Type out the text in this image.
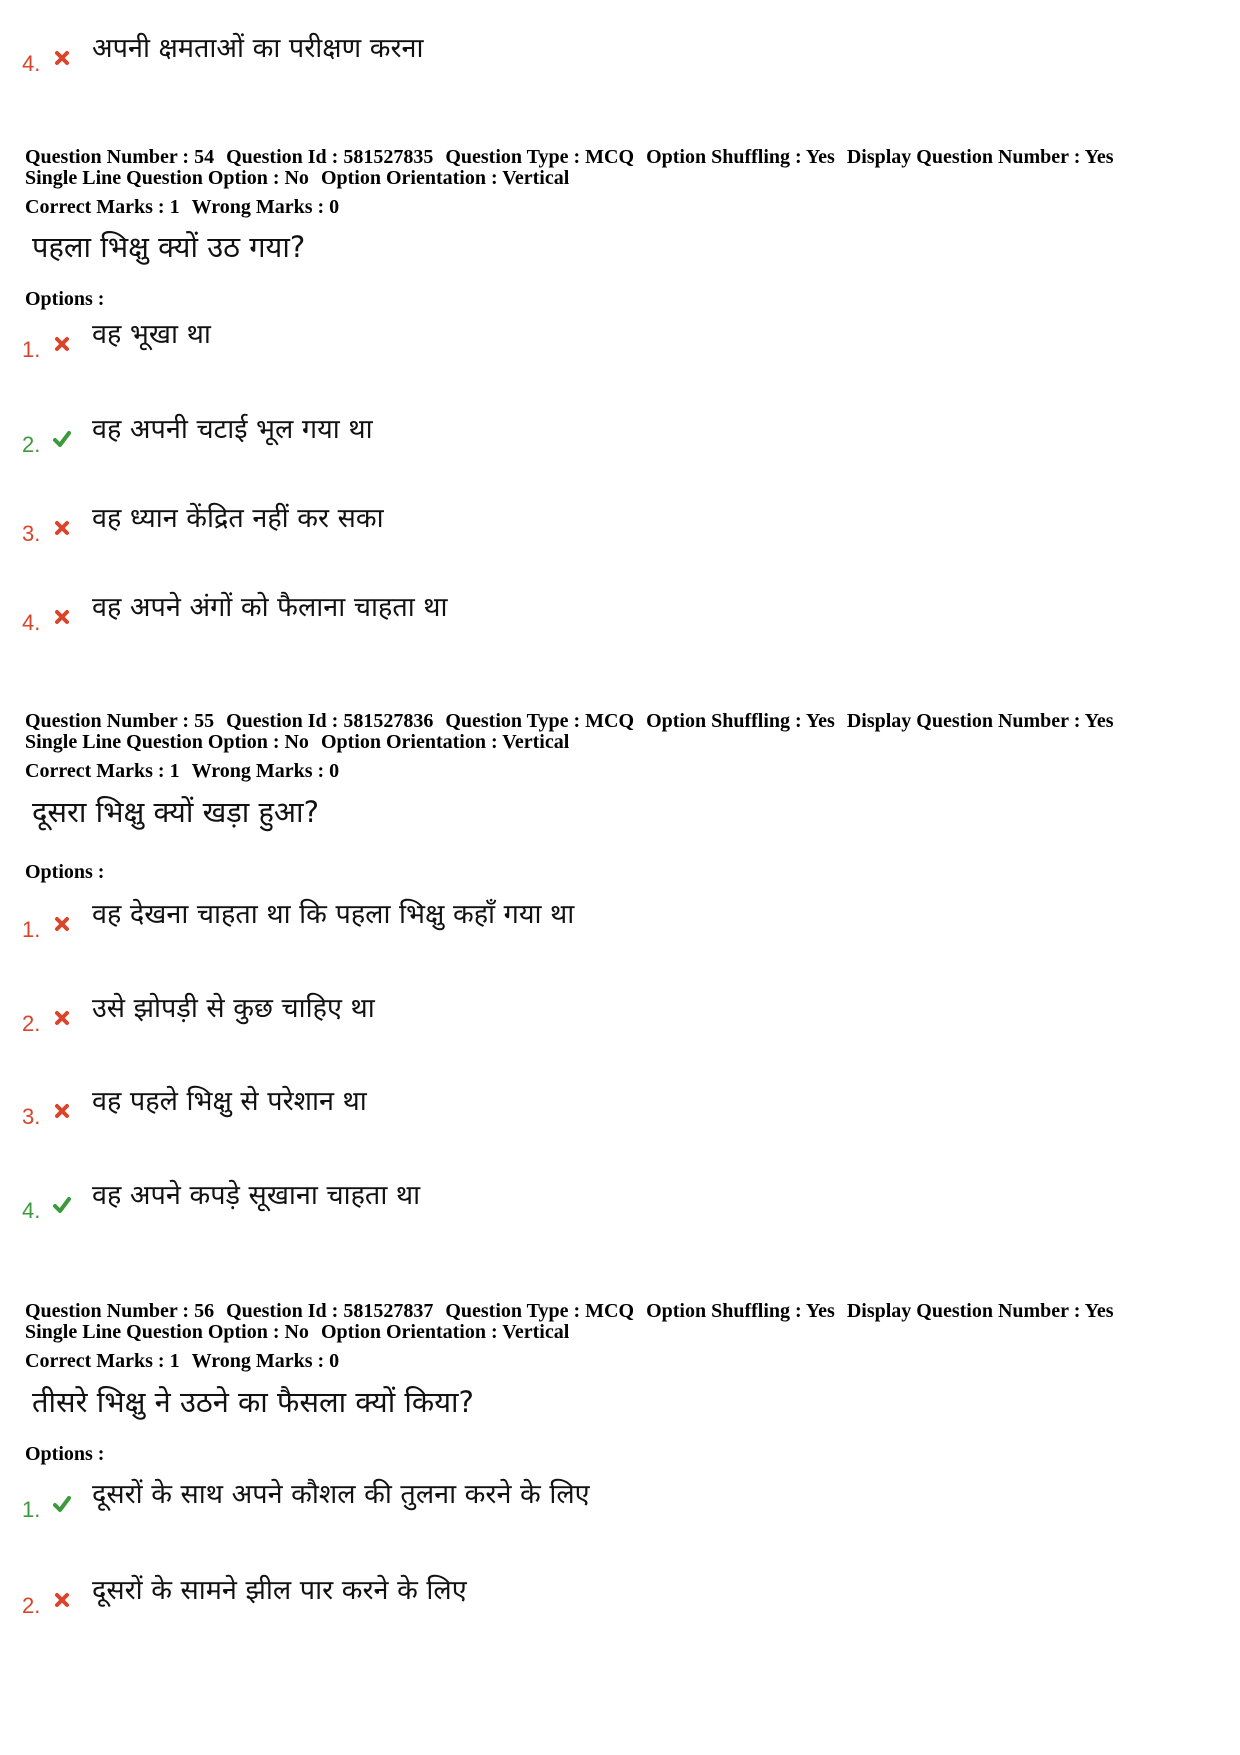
4. अपनी क्षमताओं का परीक्षण करना
Question Number : 54 Question Id : 581527835 Question Type : MCQ Option Shuffling : Yes Display Question Number : Yes
Single Line Question Option : No Option Orientation : Vertical
Correct Marks : 1 Wrong Marks : 0
पहला भिक्षु क्यों उठ गया?
Options :
1. वह भूखा था
2. वह अपनी चटाई भूल गया था
3. वह ध्यान केंद्रित नहीं कर सका
4. वह अपने अंगों को फैलाना चाहता था
Question Number : 55 Question Id : 581527836 Question Type : MCQ Option Shuffling : Yes Display Question Number : Yes
Single Line Question Option : No Option Orientation : Vertical
Correct Marks : 1 Wrong Marks : 0
दूसरा भिक्षु क्यों खड़ा हुआ?
Options :
1. वह देखना चाहता था कि पहला भिक्षु कहाँ गया था
2. उसे झोपड़ी से कुछ चाहिए था
3. वह पहले भिक्षु से परेशान था
4. वह अपने कपड़े सूखाना चाहता था
Question Number : 56 Question Id : 581527837 Question Type : MCQ Option Shuffling : Yes Display Question Number : Yes
Single Line Question Option : No Option Orientation : Vertical
Correct Marks : 1 Wrong Marks : 0
तीसरे भिक्षु ने उठने का फैसला क्यों किया?
Options :
1. दूसरों के साथ अपने कौशल की तुलना करने के लिए
2. दूसरों के सामने झील पार करने के लिए
